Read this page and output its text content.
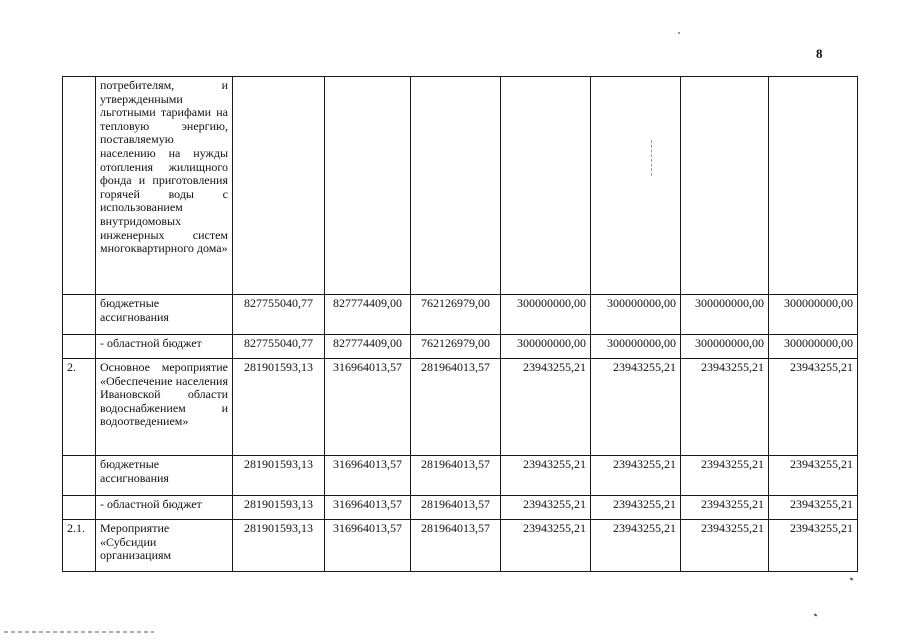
8

	потребителям, и утвержденными льготными тарифами на тепловую энергию, поставляемую населению на нужды отопления жилищного фонда и приготовления горячей воды с использованием внутридомовых инженерных систем многоквартирного дома»							

	бюджетные ассигнования	827755040,77	827774409,00	762126979,00	300000000,00	300000000,00	300000000,00	300000000,00

	- областной бюджет	827755040,77	827774409,00	762126979,00	300000000,00	300000000,00	300000000,00	300000000,00
2.	Основное мероприятие «Обеспечение населения Ивановской области водоснабжением и водоотведением»	281901593,13	316964013,57	281964013,57	23943255,21	23943255,21	23943255,21	23943255,21

	бюджетные ассигнования	281901593,13	316964013,57	281964013,57	23943255,21	23943255,21	23943255,21	23943255,21

	- областной бюджет	281901593,13	316964013,57	281964013,57	23943255,21	23943255,21	23943255,21	23943255,21
2.1.	Мероприятие «Субсидии организациям	281901593,13	316964013,57	281964013,57	23943255,21	23943255,21	23943255,21	23943255,21
